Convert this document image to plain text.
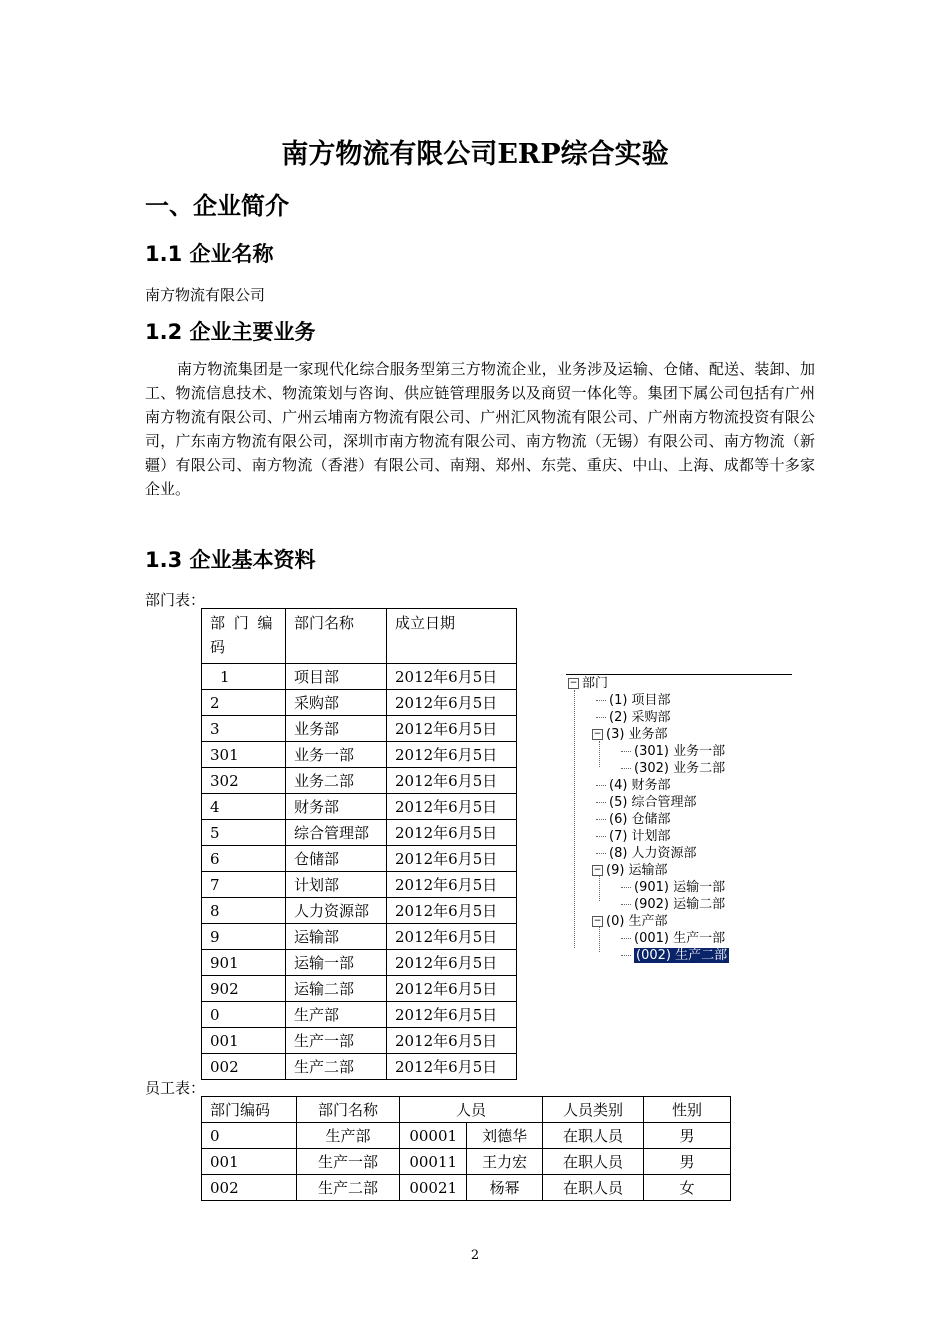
南方物流有限公司ERP综合实验
一、企业简介
1.1 企业名称
南方物流有限公司
1.2 企业主要业务
南方物流集团是一家现代化综合服务型第三方物流企业，业务涉及运输、仓储、配送、装卸、加工、物流信息技术、物流策划与咨询、供应链管理服务以及商贸一体化等。集团下属公司包括有广州南方物流有限公司、广州云埔南方物流有限公司、广州汇风物流有限公司、广州南方物流投资有限公司，广东南方物流有限公司，深圳市南方物流有限公司、南方物流（无锡）有限公司、南方物流（新疆）有限公司、南方物流（香港）有限公司、南翔、郑州、东莞、重庆、中山、上海、成都等十多家企业。
1.3 企业基本资料
部门表：
部 门 编 码	部门名称	成立日期
1	项目部	2012年6月5日
2	采购部	2012年6月5日
3	业务部	2012年6月5日
301	业务一部	2012年6月5日
302	业务二部	2012年6月5日
4	财务部	2012年6月5日
5	综合管理部	2012年6月5日
6	仓储部	2012年6月5日
7	计划部	2012年6月5日
8	人力资源部	2012年6月5日
9	运输部	2012年6月5日
901	运输一部	2012年6月5日
902	运输二部	2012年6月5日
0	生产部	2012年6月5日
001	生产一部	2012年6月5日
002	生产二部	2012年6月5日
− 部门
(1) 项目部
(2) 采购部
− (3) 业务部
(301) 业务一部
(302) 业务二部
(4) 财务部
(5) 综合管理部
(6) 仓储部
(7) 计划部
(8) 人力资源部
− (9) 运输部
(901) 运输一部
(902) 运输二部
− (0) 生产部
(001) 生产一部
(002) 生产二部
员工表：
部门编码	部门名称	人员		人员类别	性别
0	生产部	00001	刘德华	在职人员	男
001	生产一部	00011	王力宏	在职人员	男
002	生产二部	00021	杨幂	在职人员	女
2
